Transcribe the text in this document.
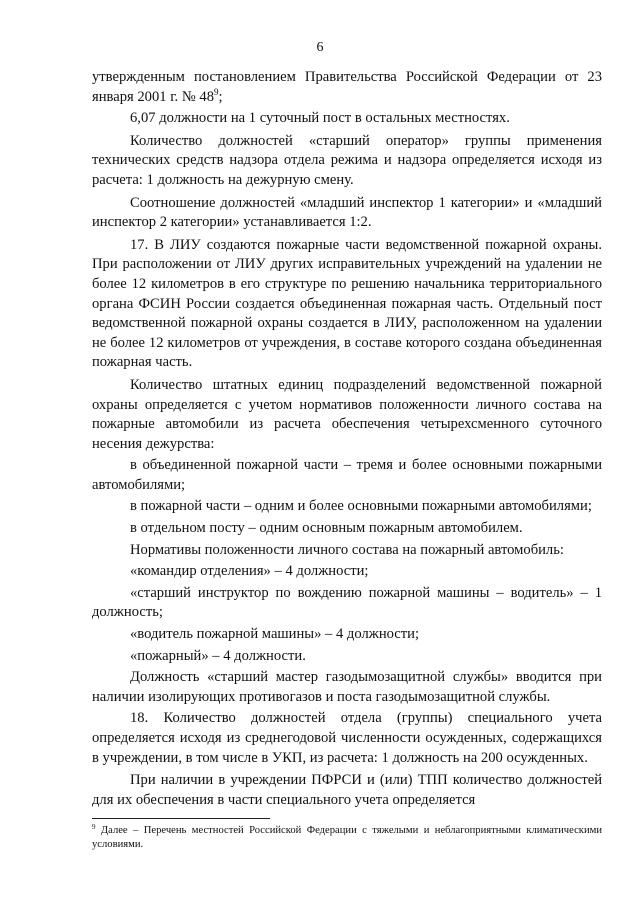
6

утвержденным постановлением Правительства Российской Федерации от 23 января 2001 г. № $48^9$;

6,07 должности на 1 суточный пост в остальных местностях.

Количество должностей «старший оператор» группы применения технических средств надзора отдела режима и надзора определяется исходя из расчета: 1 должность на дежурную смену.

Соотношение должностей «младший инспектор 1 категории» и «младший инспектор 2 категории» устанавливается 1:2.

17. В ЛИУ создаются пожарные части ведомственной пожарной охраны. При расположении от ЛИУ других исправительных учреждений на удалении не более 12 километров в его структуре по решению начальника территориального органа ФСИН России создается объединенная пожарная часть. Отдельный пост ведомственной пожарной охраны создается в ЛИУ, расположенном на удалении не более 12 километров от учреждения, в составе которого создана объединенная пожарная часть.

Количество штатных единиц подразделений ведомственной пожарной охраны определяется с учетом нормативов положенности личного состава на пожарные автомобили из расчета обеспечения четырехсменного суточного несения дежурства:

в объединенной пожарной части – тремя и более основными пожарными автомобилями;

в пожарной части – одним и более основными пожарными автомобилями;

в отдельном посту – одним основным пожарным автомобилем.

Нормативы положенности личного состава на пожарный автомобиль:

«командир отделения» – 4 должности;

«старший инструктор по вождению пожарной машины – водитель» – 1 должность;

«водитель пожарной машины» – 4 должности;

«пожарный» – 4 должности.

Должность «старший мастер газодымозащитной службы» вводится при наличии изолирующих противогазов и поста газодымозащитной службы.

18. Количество должностей отдела (группы) специального учета определяется исходя из среднегодовой численности осужденных, содержащихся в учреждении, в том числе в УКП, из расчета: 1 должность на 200 осужденных.

При наличии в учреждении ПФРСИ и (или) ТПП количество должностей для их обеспечения в части специального учета определяется

$^9$ Далее – Перечень местностей Российской Федерации с тяжелыми и неблагоприятными климатическими условиями.
